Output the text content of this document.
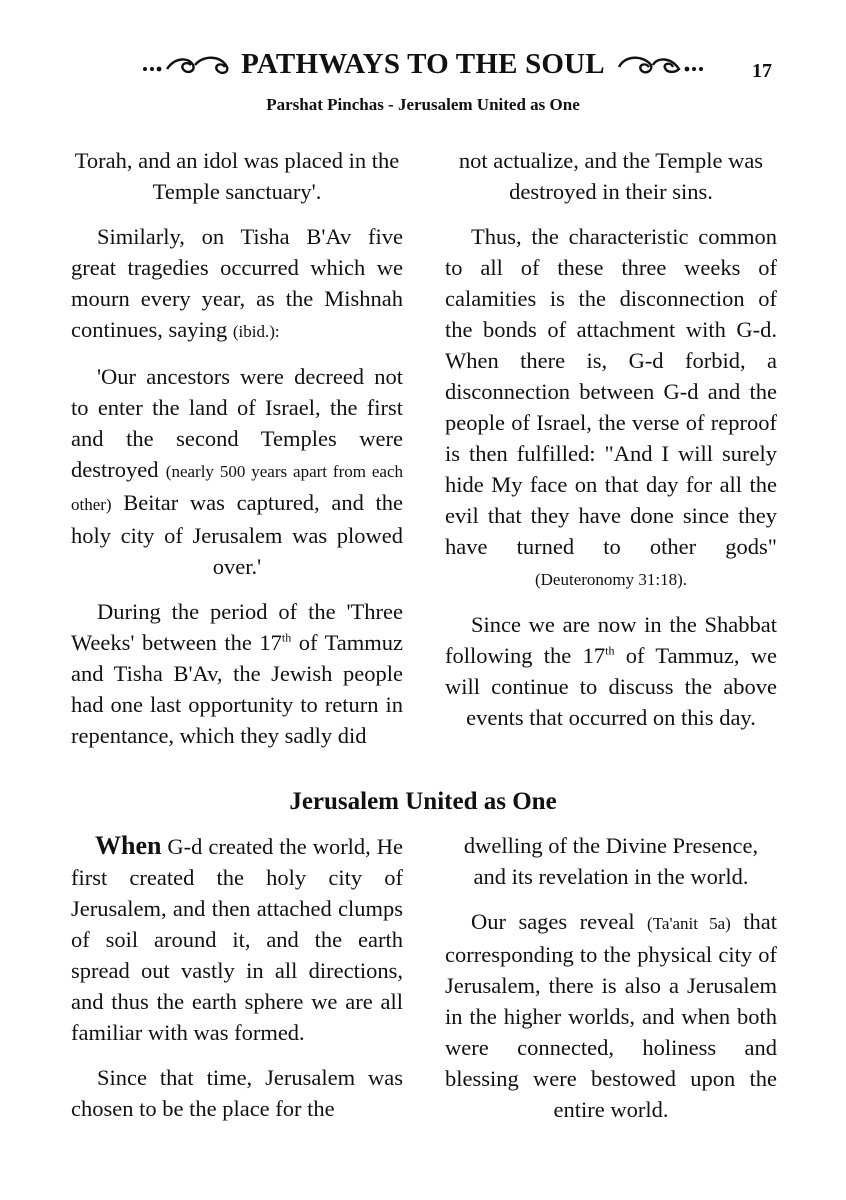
PATHWAYS TO THE SOUL	17
Parshat Pinchas - Jerusalem United as One

Torah, and an idol was placed in the Temple sanctuary'.

Similarly, on Tisha B'Av five great tragedies occurred which we mourn every year, as the Mishnah continues, saying (ibid.):

'Our ancestors were decreed not to enter the land of Israel, the first and the second Temples were destroyed (nearly 500 years apart from each other) Beitar was captured, and the holy city of Jerusalem was plowed over.'

During the period of the 'Three Weeks' between the 17th of Tammuz and Tisha B'Av, the Jewish people had one last opportunity to return in repentance, which they sadly did

not actualize, and the Temple was destroyed in their sins.

Thus, the characteristic common to all of these three weeks of calamities is the disconnection of the bonds of attachment with G-d. When there is, G-d forbid, a disconnection between G-d and the people of Israel, the verse of reproof is then fulfilled: "And I will surely hide My face on that day for all the evil that they have done since they have turned to other gods" (Deuteronomy 31:18).

Since we are now in the Shabbat following the 17th of Tammuz, we will continue to discuss the above events that occurred on this day.

Jerusalem United as One

When G-d created the world, He first created the holy city of Jerusalem, and then attached clumps of soil around it, and the earth spread out vastly in all directions, and thus the earth sphere we are all familiar with was formed.

Since that time, Jerusalem was chosen to be the place for the

dwelling of the Divine Presence, and its revelation in the world.

Our sages reveal (Ta'anit 5a) that corresponding to the physical city of Jerusalem, there is also a Jerusalem in the higher worlds, and when both were connected, holiness and blessing were bestowed upon the entire world.
